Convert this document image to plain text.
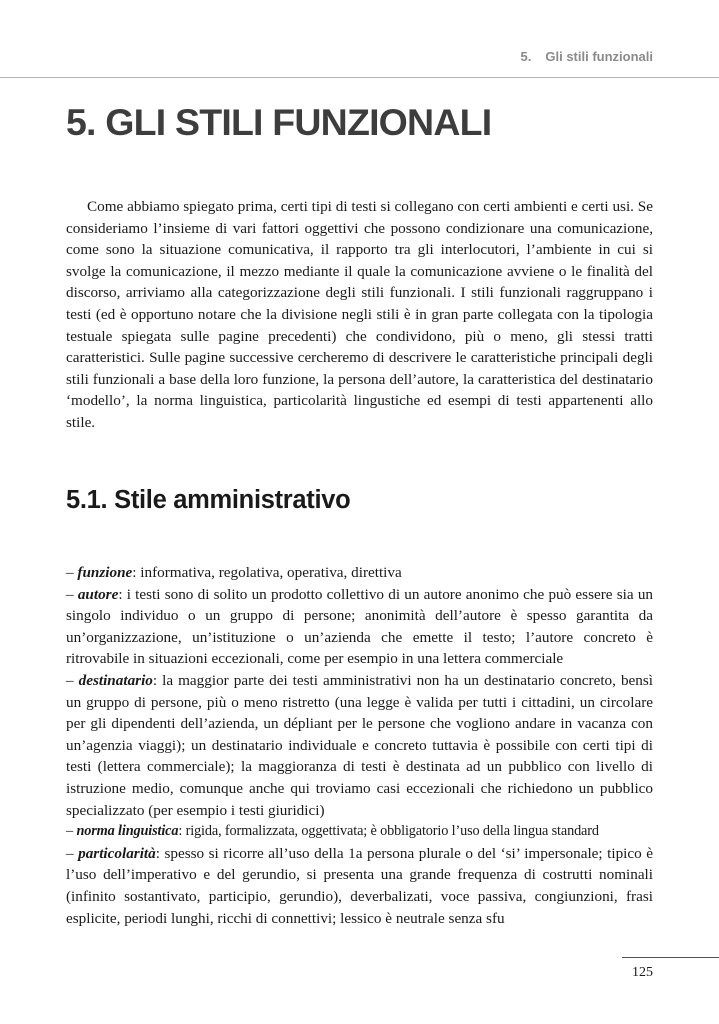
5. Gli stili funzionali
5. GLI STILI FUNZIONALI

Come abbiamo spiegato prima, certi tipi di testi si collegano con certi ambienti e certi usi. Se consideriamo l’insieme di vari fattori oggettivi che possono condizionare una comunicazione, come sono la situazione comunicativa, il rapporto tra gli interlocutori, l’ambiente in cui si svolge la comunicazione, il mezzo mediante il quale la comunicazione avviene o le finalità del discorso, arriviamo alla categorizzazione degli stili funzionali. I stili funzionali raggruppano i testi (ed è opportuno notare che la divisione negli stili è in gran parte collegata con la tipologia testuale spiegata sulle pagine precedenti) che condividono, più o meno, gli stessi tratti caratteristici. Sulle pagine successive cercheremo di descrivere le caratteristiche principali degli stili funzionali a base della loro funzione, la persona dell’autore, la caratteristica del destinatario ‘modello’, la norma linguistica, particolarità lingustiche ed esempi di testi appartenenti allo stile.

5.1. Stile amministrativo
– funzione: informativa, regolativa, operativa, direttiva
– autore: i testi sono di solito un prodotto collettivo di un autore anonimo che può essere sia un singolo individuo o un gruppo di persone; anonimità dell’autore è spesso garantita da un’organizzazione, un’istituzione o un’azienda che emette il testo; l’autore concreto è ritrovabile in situazioni eccezionali, come per esempio in una lettera commerciale
– destinatario: la maggior parte dei testi amministrativi non ha un destinatario concreto, bensì un gruppo di persone, più o meno ristretto (una legge è valida per tutti i cittadini, un circolare per gli dipendenti dell’azienda, un dépliant per le persone che vogliono andare in vacanza con un’agenzia viaggi); un destinatario individuale e concreto tuttavia è possibile con certi tipi di testi (lettera commerciale); la maggioranza di testi è destinata ad un pubblico con livello di istruzione medio, comunque anche qui troviamo casi eccezionali che richiedono un pubblico specializzato (per esempio i testi giuridici)
– norma linguistica: rigida, formalizzata, oggettivata; è obbligatorio l’uso della lingua standard
– particolarità: spesso si ricorre all’uso della 1a persona plurale o del ‘si’ impersonale; tipico è l’uso dell’imperativo e del gerundio, si presenta una grande frequenza di costrutti nominali (infinito sostantivato, participio, gerundio), deverbalizati, voce passiva, congiunzioni, frasi esplicite, periodi lunghi, ricchi di connettivi; lessico è neutrale senza sfu
125
